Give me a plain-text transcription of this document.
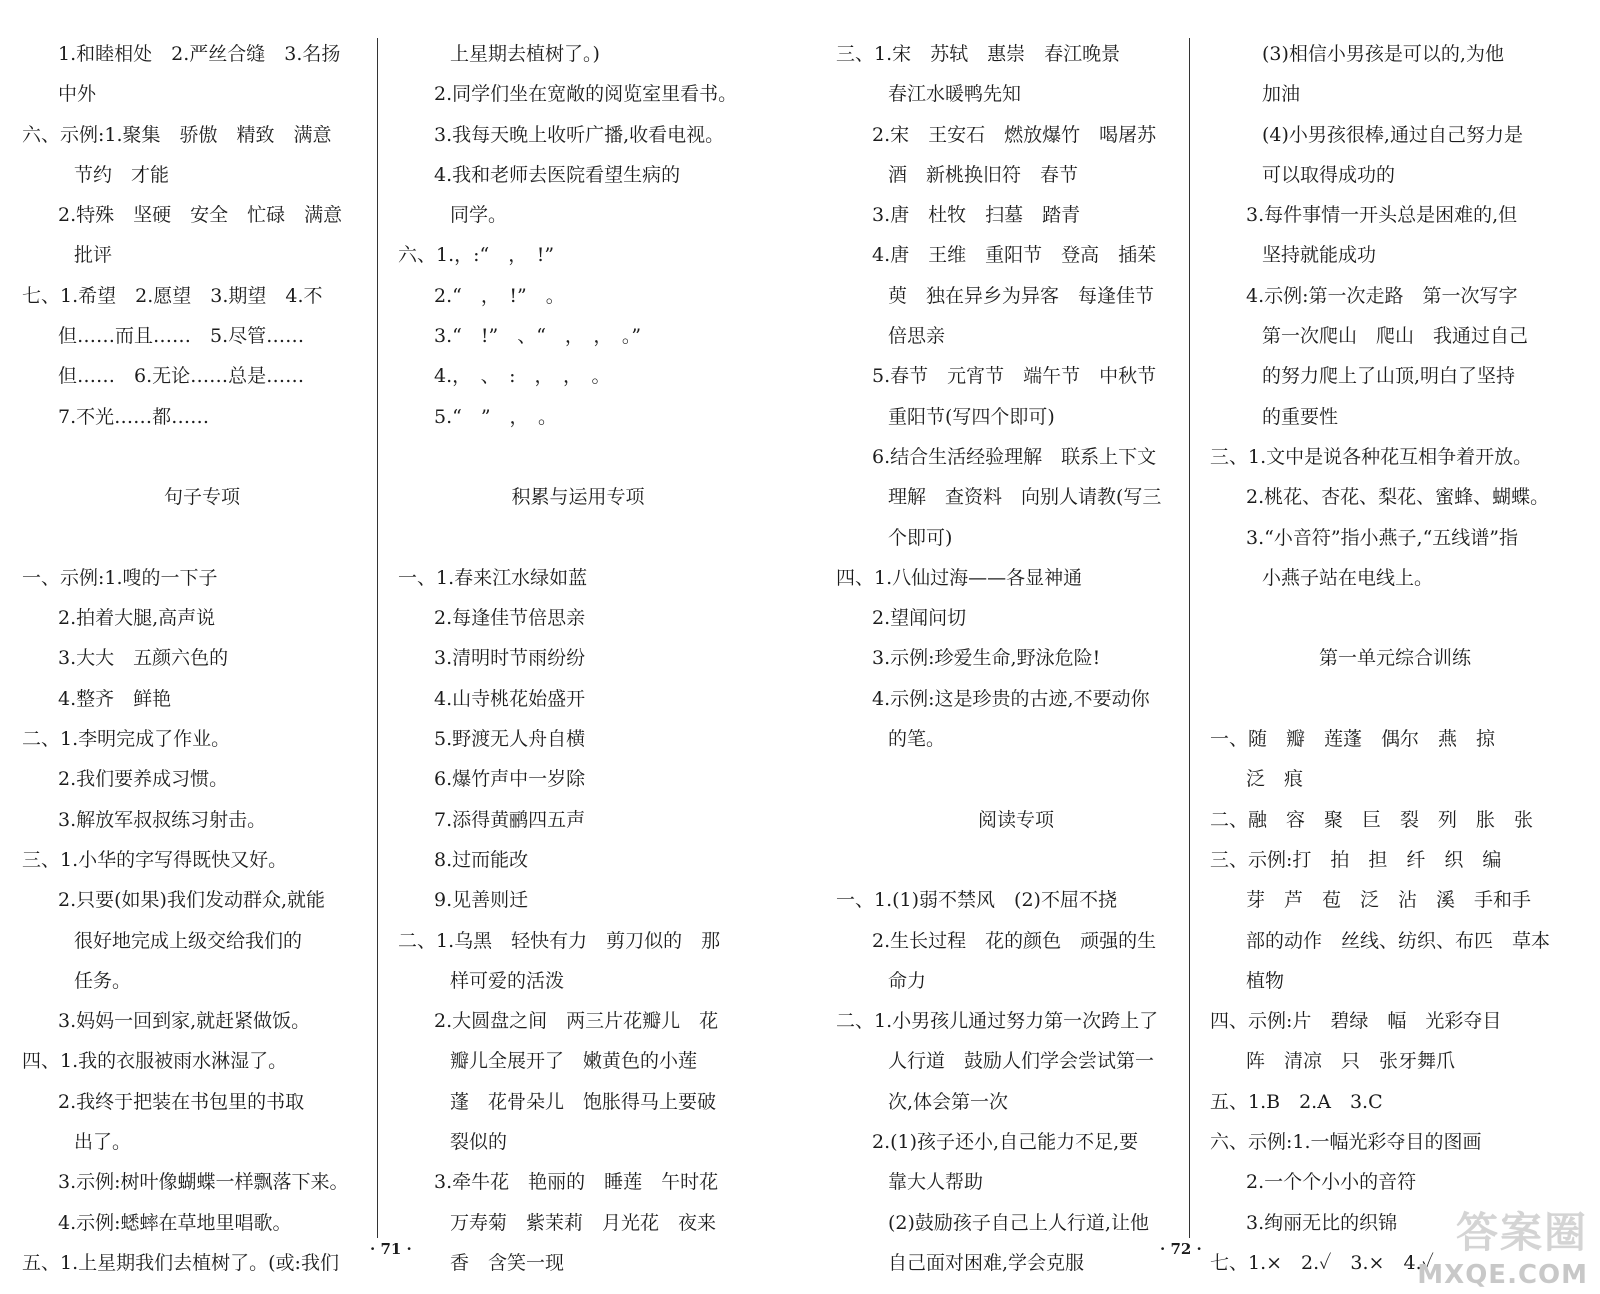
1.和睦相处　2.严丝合缝　3.名扬
中外
六、示例:1.聚集　骄傲　精致　满意
节约　才能
2.特殊　坚硬　安全　忙碌　满意
批评
七、1.希望　2.愿望　3.期望　4.不
但……而且……　5.尽管……
但……　6.无论……总是……
7.不光……都……
句子专项
一、示例:1.嗖的一下子
2.拍着大腿,高声说
3.大大　五颜六色的
4.整齐　鲜艳
二、1.李明完成了作业。
2.我们要养成习惯。
3.解放军叔叔练习射击。
三、1.小华的字写得既快又好。
2.只要(如果)我们发动群众,就能
很好地完成上级交给我们的
任务。
3.妈妈一回到家,就赶紧做饭。
四、1.我的衣服被雨水淋湿了。
2.我终于把装在书包里的书取
出了。
3.示例:树叶像蝴蝶一样飘落下来。
4.示例:蟋蟀在草地里唱歌。
五、1.上星期我们去植树了。(或:我们
上星期去植树了。)
2.同学们坐在宽敞的阅览室里看书。
3.我每天晚上收听广播,收看电视。
4.我和老师去医院看望生病的
同学。
六、1.，:“　，　!”
2.“　，　!”　。
3.“　!”　、“　，　，　。”
4.，　、　:　，　，　。
5.“　”　，　。
积累与运用专项
一、1.春来江水绿如蓝
2.每逢佳节倍思亲
3.清明时节雨纷纷
4.山寺桃花始盛开
5.野渡无人舟自横
6.爆竹声中一岁除
7.添得黄鹂四五声
8.过而能改
9.见善则迁
二、1.乌黑　轻快有力　剪刀似的　那
样可爱的活泼
2.大圆盘之间　两三片花瓣儿　花
瓣儿全展开了　嫩黄色的小莲
蓬　花骨朵儿　饱胀得马上要破
裂似的
3.牵牛花　艳丽的　睡莲　午时花
万寿菊　紫茉莉　月光花　夜来
香　含笑一现
三、1.宋　苏轼　惠崇　春江晚景
春江水暖鸭先知
2.宋　王安石　燃放爆竹　喝屠苏
酒　新桃换旧符　春节
3.唐　杜牧　扫墓　踏青
4.唐　王维　重阳节　登高　插茱
萸　独在异乡为异客　每逢佳节
倍思亲
5.春节　元宵节　端午节　中秋节
重阳节(写四个即可)
6.结合生活经验理解　联系上下文
理解　查资料　向别人请教(写三
个即可)
四、1.八仙过海——各显神通
2.望闻问切
3.示例:珍爱生命,野泳危险!
4.示例:这是珍贵的古迹,不要动你
的笔。
阅读专项
一、1.(1)弱不禁风　(2)不屈不挠
2.生长过程　花的颜色　顽强的生
命力
二、1.小男孩儿通过努力第一次跨上了
人行道　鼓励人们学会尝试第一
次,体会第一次
2.(1)孩子还小,自己能力不足,要
靠大人帮助
(2)鼓励孩子自己上人行道,让他
自己面对困难,学会克服
(3)相信小男孩是可以的,为他
加油
(4)小男孩很棒,通过自己努力是
可以取得成功的
3.每件事情一开头总是困难的,但
坚持就能成功
4.示例:第一次走路　第一次写字
第一次爬山　爬山　我通过自己
的努力爬上了山顶,明白了坚持
的重要性
三、1.文中是说各种花互相争着开放。
2.桃花、杏花、梨花、蜜蜂、蝴蝶。
3.“小音符”指小燕子,“五线谱”指
小燕子站在电线上。
第一单元综合训练
一、随　瓣　莲蓬　偶尔　燕　掠
泛　痕
二、融　容　聚　巨　裂　列　胀　张
三、示例:打　拍　担　纤　织　编
芽　芦　苞　泛　沾　溪　手和手
部的动作　丝线、纺织、布匹　草本
植物
四、示例:片　碧绿　幅　光彩夺目
阵　清凉　只　张牙舞爪
五、1.B　2.A　3.C
六、示例:1.一幅光彩夺目的图画
2.一个个小小的音符
3.绚丽无比的织锦
七、1.×　2.✓　3.×　4.✓
· 71 ·	· 72 ·	答案圈
MXQE.COM
